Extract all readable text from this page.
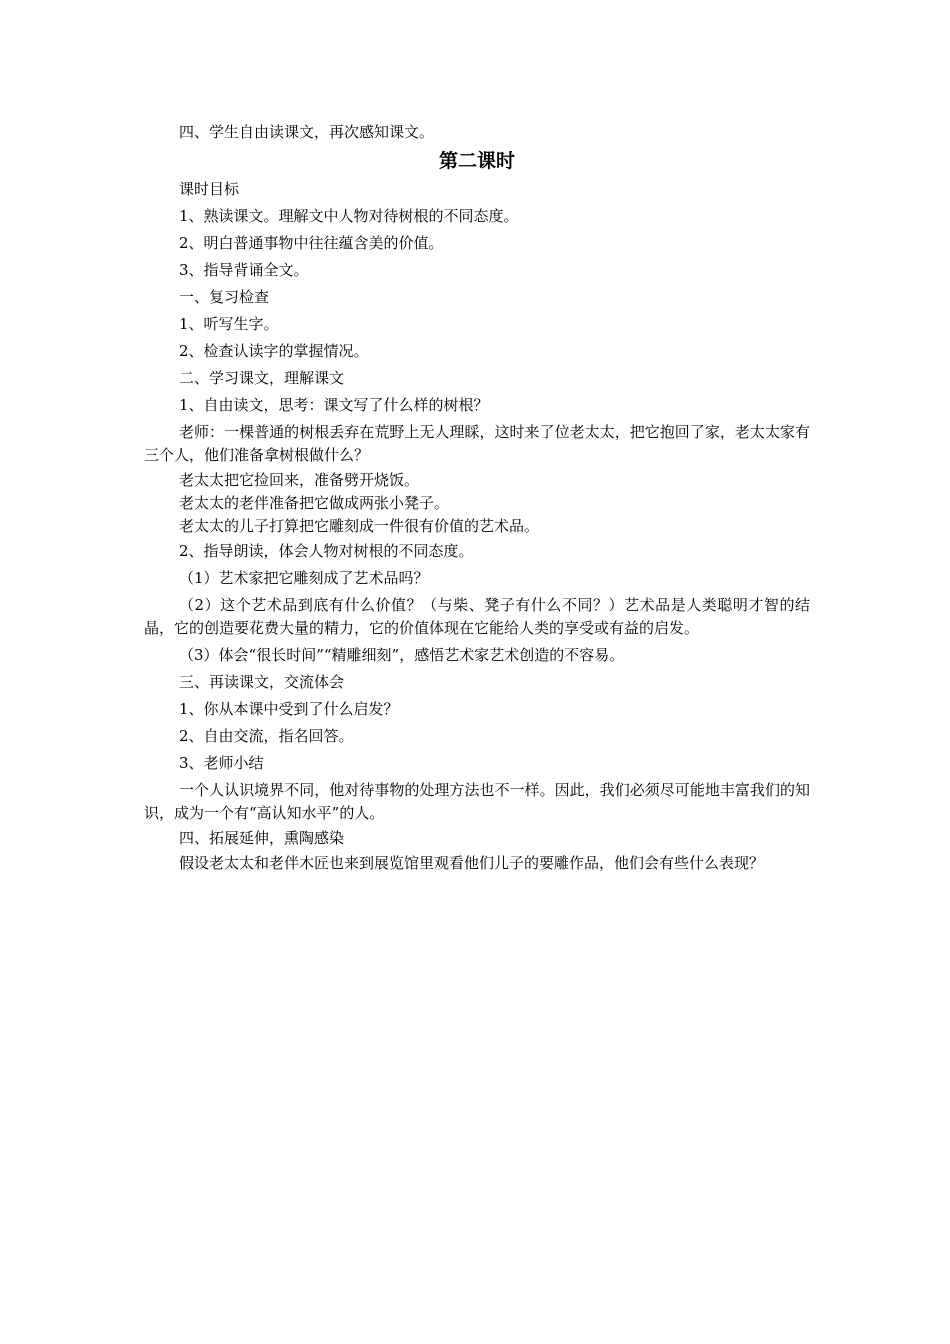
四、学生自由读课文，再次感知课文。

第二课时

课时目标

1、熟读课文。理解文中人物对待树根的不同态度。

2、明白普通事物中往往蕴含美的价值。

3、指导背诵全文。

一、复习检查

1、听写生字。

2、检查认读字的掌握情况。

二、学习课文，理解课文

1、自由读文，思考：课文写了什么样的树根？

老师：一棵普通的树根丢弃在荒野上无人理睬，这时来了位老太太，把它抱回了家，老太太家有三个人，他们准备拿树根做什么？

老太太把它捡回来，准备劈开烧饭。

老太太的老伴准备把它做成两张小凳子。

老太太的儿子打算把它雕刻成一件很有价值的艺术品。

2、指导朗读，体会人物对树根的不同态度。

（1）艺术家把它雕刻成了艺术品吗？

（2）这个艺术品到底有什么价值？（与柴、凳子有什么不同？）艺术品是人类聪明才智的结晶，它的创造要花费大量的精力，它的价值体现在它能给人类的享受或有益的启发。

（3）体会“很长时间”“精雕细刻”，感悟艺术家艺术创造的不容易。

三、再读课文，交流体会

1、你从本课中受到了什么启发？

2、自由交流，指名回答。

3、老师小结

一个人认识境界不同，他对待事物的处理方法也不一样。因此，我们必须尽可能地丰富我们的知识，成为一个有“高认知水平”的人。

四、拓展延伸，熏陶感染

假设老太太和老伴木匠也来到展览馆里观看他们儿子的要雕作品，他们会有些什么表现？
